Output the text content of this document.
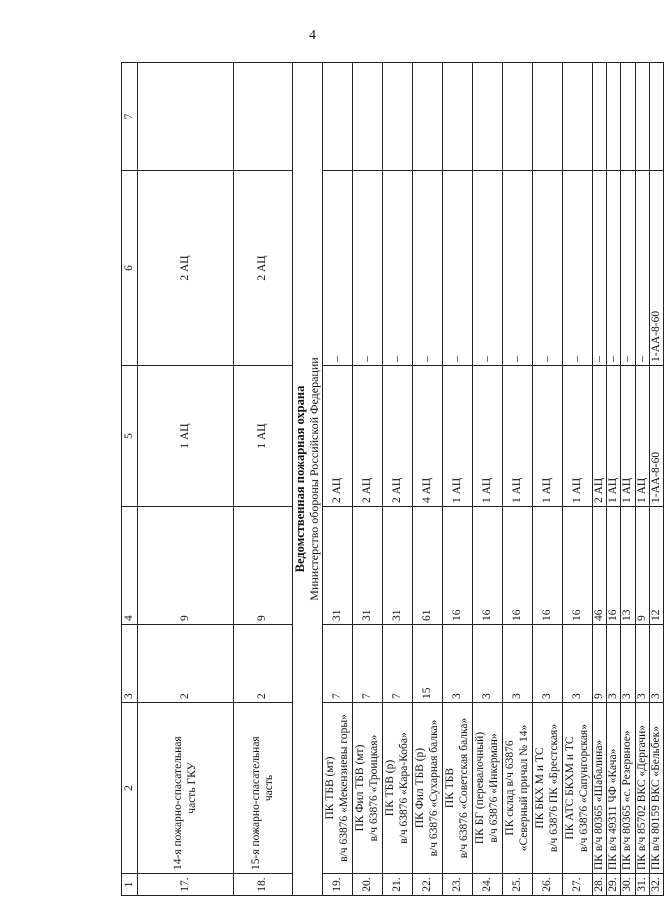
4
1	2	3	4	5	6	7
17.	14-я пожарно-спасательная часть ГКУ	2	9	1 АЦ	2 АЦ	
18.	15-я пожарно-спасательная часть	2	9	1 АЦ	2 АЦ	

Ведомственная пожарная охрана Министерство обороны Российской Федерации						

19.	ПК ТБВ (мт) в/ч 63876 «Мекензиевы горы»	7	31	2 АЦ	–	
20.	ПК Фил ТБВ (мт) в/ч 63876 «Троицкая»	7	31	2 АЦ	–	
21.	ПК ТБВ (р) в/ч 63876 «Кара-Коба»	7	31	2 АЦ	–	
22.	ПК Фил ТБВ (р) в/ч 63876 «Сухарная балка»	15	61	4 АЦ	–	
23.	ПК ТБВ в/ч 63876 «Советская балка»	3	16	1 АЦ	–	
24.	ПК БГ (перевалочный) в/ч 63876 «Инкерман»	3	16	1 АЦ	–	
25.	ПК склад в/ч 63876 «Северный причал № 14»	3	16	1 АЦ	–	
26.	ПК БКХ М и ТС в/ч 63876 ПК «Брестская»	3	16	1 АЦ	–	
27.	ПК АТС БКХМ и ТС в/ч 63876 «Сапунгорская»	3	16	1 АЦ	–	
28.	ПК в/ч 80365 «Шабалина»	9	46	2 АЦ	–	
29.	ПК в/ч 49311 ЧФ «Кача»	3	16	1 АЦ	–	
30.	ПК в/ч 80365 «с. Резервное»	3	13	1 АЦ	–	
31.	ПК в/ч 85702 ВКС «Дергачи»	3	9	1 АЦ	–	
32.	ПК в/ч 80159 ВКС «Бельбек»	3	12	1-АА-8-60	1-АА-8-60	
